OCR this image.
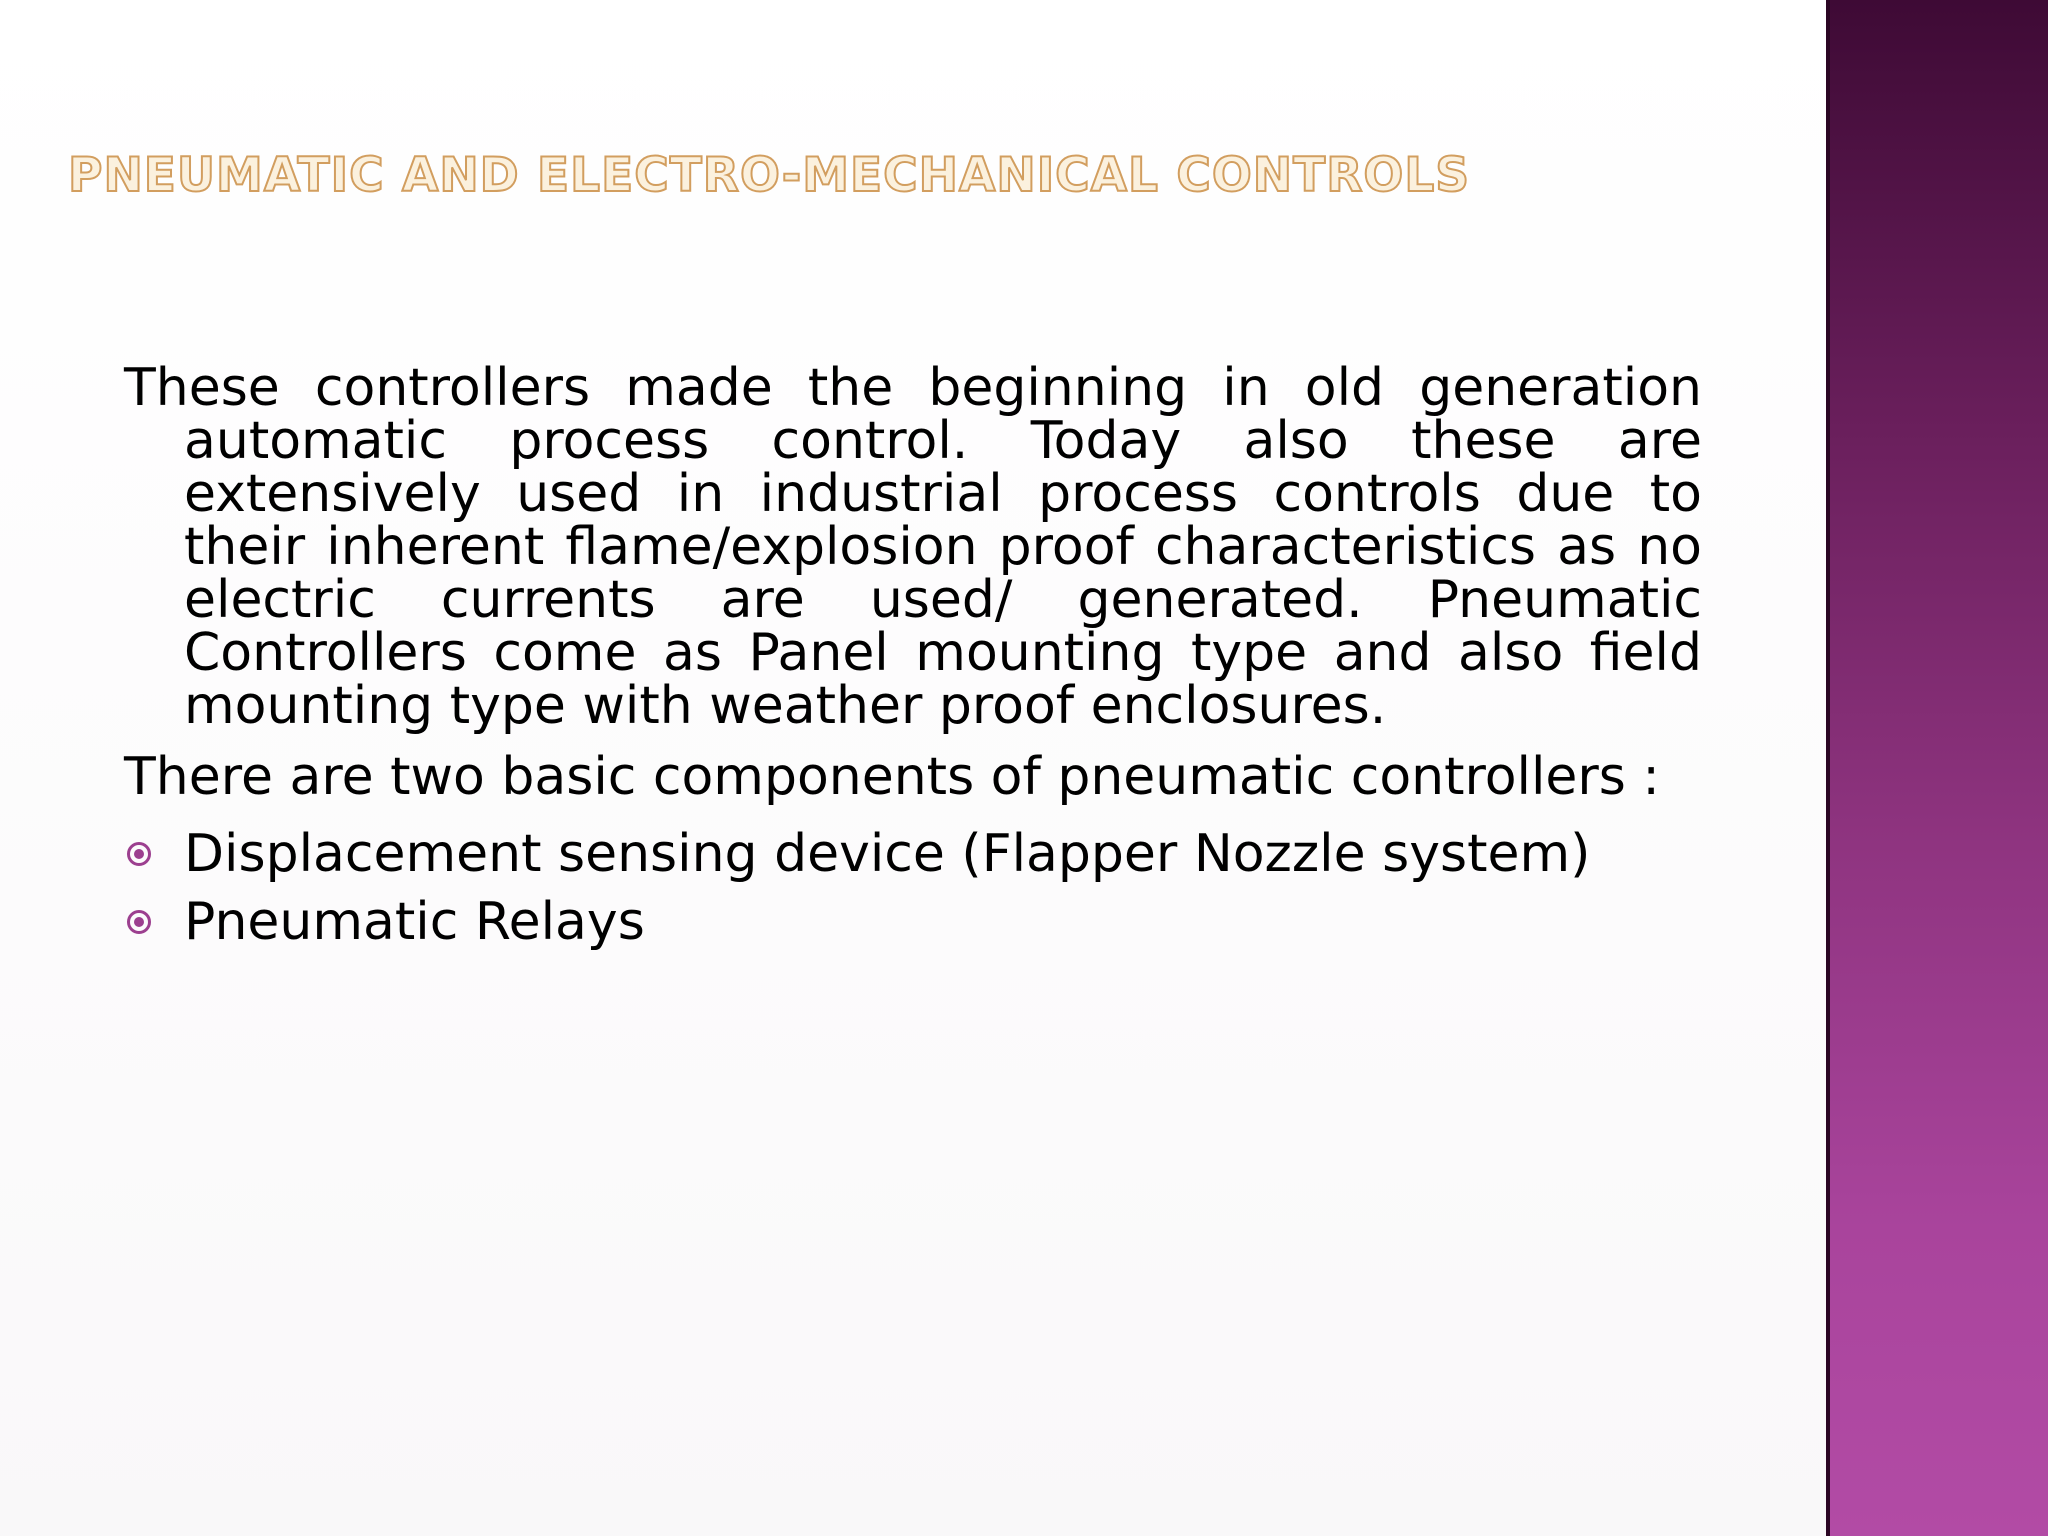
PNEUMATIC AND ELECTRO-MECHANICAL CONTROLS

These controllers made the beginning in old generation automatic process control. Today also these are extensively used in industrial process controls due to their inherent flame/explosion proof characteristics as no electric currents are used/ generated. Pneumatic Controllers come as Panel mounting type and also field mounting type with weather proof enclosures.

There are two basic components of pneumatic controllers :

Displacement sensing device (Flapper Nozzle system)
Pneumatic Relays
